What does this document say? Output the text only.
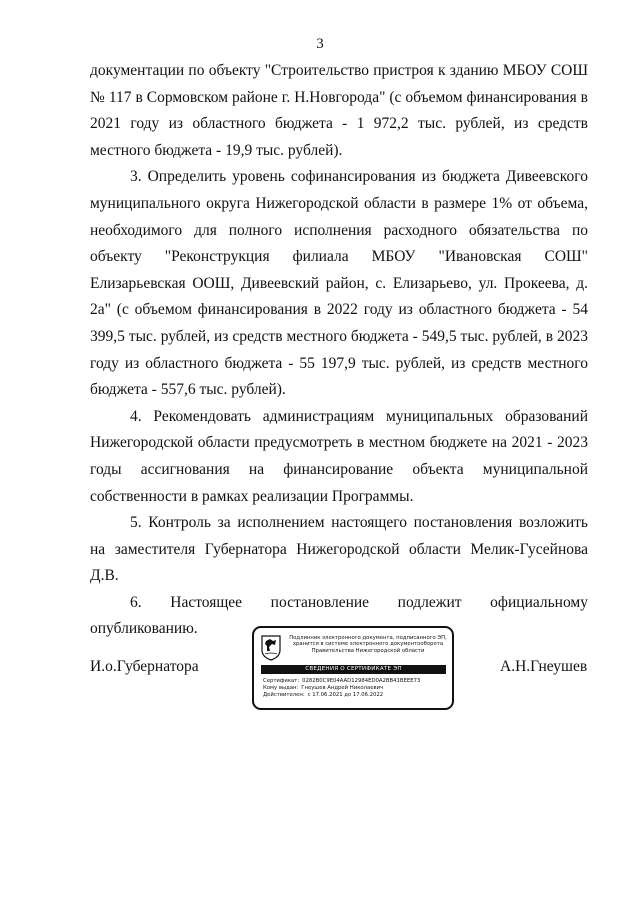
3

документации по объекту "Строительство пристроя к зданию МБОУ СОШ № 117 в Сормовском районе г. Н.Новгорода" (с объемом финансирования в 2021 году из областного бюджета - 1 972,2 тыс. рублей, из средств местного бюджета - 19,9 тыс. рублей).

3. Определить уровень софинансирования из бюджета Дивеевского муниципального округа Нижегородской области в размере 1% от объема, необходимого для полного исполнения расходного обязательства по объекту "Реконструкция филиала МБОУ "Ивановская СОШ" Елизарьевская ООШ, Дивеевский район, с. Елизарьево, ул. Прокеева, д. 2а" (с объемом финансирования в 2022 году из областного бюджета - 54 399,5 тыс. рублей, из средств местного бюджета - 549,5 тыс. рублей, в 2023 году из областного бюджета - 55 197,9 тыс. рублей, из средств местного бюджета - 557,6 тыс. рублей).

4. Рекомендовать администрациям муниципальных образований Нижегородской области предусмотреть в местном бюджете на 2021 - 2023 годы ассигнования на финансирование объекта муниципальной собственности в рамках реализации Программы.

5. Контроль за исполнением настоящего постановления возложить на заместителя Губернатора Нижегородской области Мелик-Гусейнова Д.В.

6. Настоящее постановление подлежит официальному опубликованию.

И.о.Губернатора	А.Н.Гнеушев
Подлинник электронного документа, подписанного ЭП, хранится в системе электронного документооборота Правительства Нижегородской области
СВЕДЕНИЯ О СЕРТИФИКАТЕ ЭП
Сертификат: 0282B0C9E04AAD12984ED0A2BB41BEEE73
Кому выдан: Гнеушев Андрей Николаевич
Действителен: с 17.06.2021 до 17.06.2022
